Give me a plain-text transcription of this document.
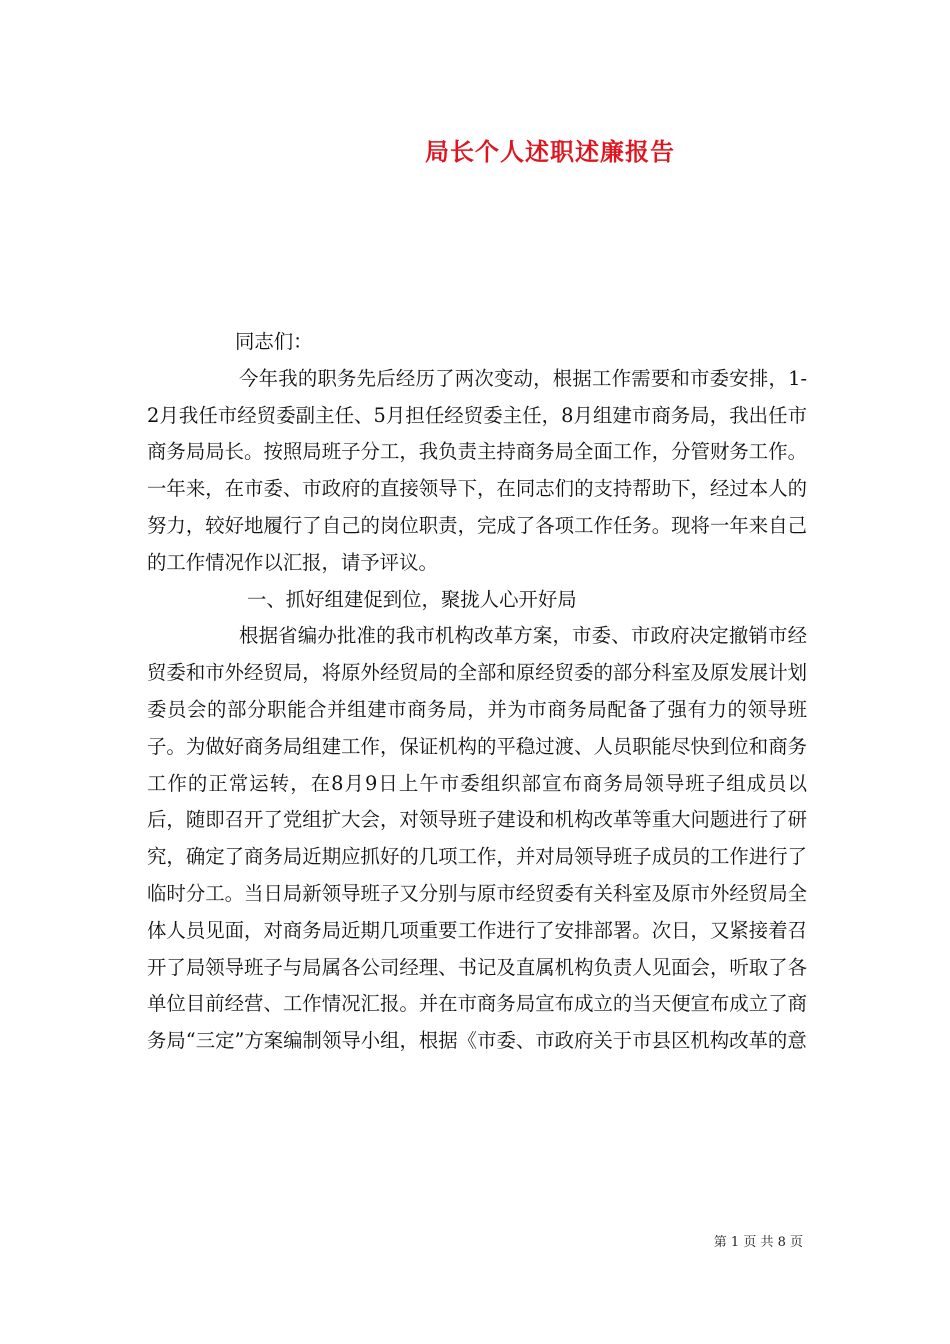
局长个人述职述廉报告

同志们：

今年我的职务先后经历了两次变动，根据工作需要和市委安排，1-2月我任市经贸委副主任、5月担任经贸委主任，8月组建市商务局，我出任市商务局局长。按照局班子分工，我负责主持商务局全面工作，分管财务工作。一年来，在市委、市政府的直接领导下，在同志们的支持帮助下，经过本人的努力，较好地履行了自己的岗位职责，完成了各项工作任务。现将一年来自己的工作情况作以汇报，请予评议。

一、抓好组建促到位，聚拢人心开好局

根据省编办批准的我市机构改革方案，市委、市政府决定撤销市经贸委和市外经贸局，将原外经贸局的全部和原经贸委的部分科室及原发展计划委员会的部分职能合并组建市商务局，并为市商务局配备了强有力的领导班子。为做好商务局组建工作，保证机构的平稳过渡、人员职能尽快到位和商务工作的正常运转，在8月9日上午市委组织部宣布商务局领导班子组成员以后，随即召开了党组扩大会，对领导班子建设和机构改革等重大问题进行了研究，确定了商务局近期应抓好的几项工作，并对局领导班子成员的工作进行了临时分工。当日局新领导班子又分别与原市经贸委有关科室及原市外经贸局全体人员见面，对商务局近期几项重要工作进行了安排部署。次日，又紧接着召开了局领导班子与局属各公司经理、书记及直属机构负责人见面会，听取了各单位目前经营、工作情况汇报。并在市商务局宣布成立的当天便宣布成立了商务局“三定”方案编制领导小组，根据《市委、市政府关于市县区机构改革的意

第 1 页 共 8 页
